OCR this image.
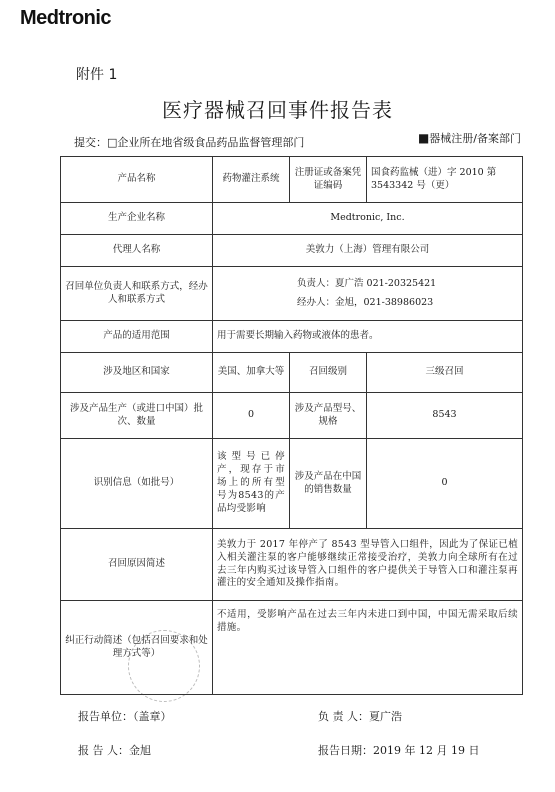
Medtronic
附件 1
医疗器械召回事件报告表
提交：□企业所在地省级食品药品监督管理部门	■器械注册/备案部门
产品名称	药物灌注系统	注册证或备案凭证编码	国食药监械（进）字 2010 第 3543342 号（更）
生产企业名称	Medtronic, Inc.		
代理人名称	美敦力（上海）管理有限公司		
召回单位负责人和联系方式，经办人和联系方式	负责人：夏广浩 021-20325421
经办人：金旭，021-38986023		

产品的适用范围	用于需要长期输入药物或液体的患者。		
涉及地区和国家	美国、加拿大等	召回级别	三级召回
涉及产品生产（或进口中国）批次、数量	0	涉及产品型号、规格	8543
识别信息（如批号）	该型号已停产，现存于市场上的所有型号为8543的产品均受影响	涉及产品在中国的销售数量	0
召回原因简述	美敦力于 2017 年停产了 8543 型导管入口组件，因此为了保证已植入相关灌注泵的客户能够继续正常接受治疗，美敦力向全球所有在过去三年内购买过该导管入口组件的客户提供关于导管入口和灌注泵再灌注的安全通知及操作指南。		
纠正行动简述（包括召回要求和处理方式等）	不适用，受影响产品在过去三年内未进口到中国，中国无需采取后续措施。		
报告单位：（盖章）	负 责 人：夏广浩
报 告 人：金旭	报告日期：2019 年 12 月 19 日
